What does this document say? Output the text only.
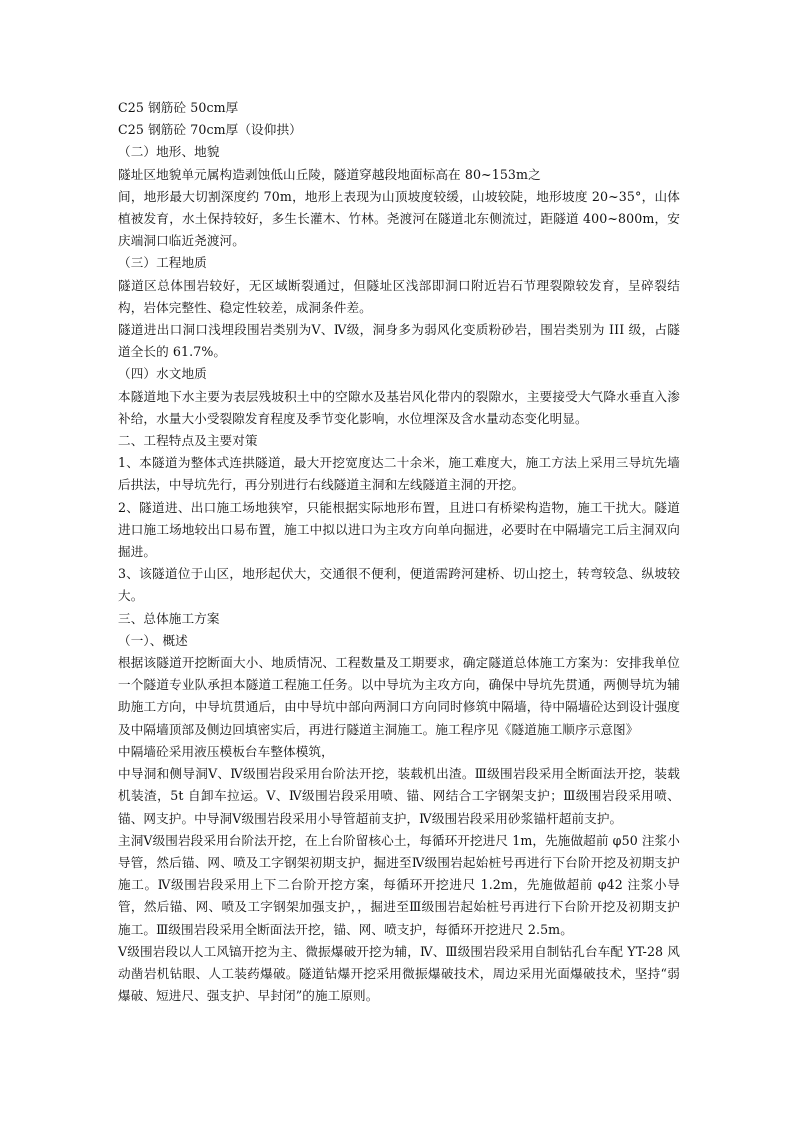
C25 钢筋砼 50cm厚

C25 钢筋砼 70cm厚（设仰拱）

（二）地形、地貌

隧址区地貌单元属构造剥蚀低山丘陵，隧道穿越段地面标高在 80~153m之

间，地形最大切割深度约 70m，地形上表现为山顶坡度较缓，山坡较陡，地形坡度 20~35°，山体植被发育，水土保持较好，多生长灌木、竹林。尧渡河在隧道北东侧流过，距隧道 400~800m，安庆端洞口临近尧渡河。

（三）工程地质

隧道区总体围岩较好，无区域断裂通过，但隧址区浅部即洞口附近岩石节理裂隙较发育，呈碎裂结构，岩体完整性、稳定性较差，成洞条件差。

隧道进出口洞口浅埋段围岩类别为Ⅴ、Ⅳ级，洞身多为弱风化变质粉砂岩，围岩类别为 III 级，占隧道全长的 61.7%。

（四）水文地质

本隧道地下水主要为表层残坡积土中的空隙水及基岩风化带内的裂隙水，主要接受大气降水垂直入渗补给，水量大小受裂隙发育程度及季节变化影响，水位埋深及含水量动态变化明显。

二、工程特点及主要对策

1、本隧道为整体式连拱隧道，最大开挖宽度达二十余米，施工难度大，施工方法上采用三导坑先墙后拱法，中导坑先行，再分别进行右线隧道主洞和左线隧道主洞的开挖。

2、隧道进、出口施工场地狭窄，只能根据实际地形布置，且进口有桥梁构造物，施工干扰大。隧道进口施工场地较出口易布置，施工中拟以进口为主攻方向单向掘进，必要时在中隔墙完工后主洞双向掘进。

3、该隧道位于山区，地形起伏大，交通很不便利，便道需跨河建桥、切山挖土，转弯较急、纵坡较大。

三、总体施工方案

（一）、概述

根据该隧道开挖断面大小、地质情况、工程数量及工期要求，确定隧道总体施工方案为：安排我单位一个隧道专业队承担本隧道工程施工任务。以中导坑为主攻方向，确保中导坑先贯通，两侧导坑为辅助施工方向，中导坑贯通后，由中导坑中部向两洞口方向同时修筑中隔墙，待中隔墙砼达到设计强度及中隔墙顶部及侧边回填密实后，再进行隧道主洞施工。施工程序见《隧道施工顺序示意图》

中隔墙砼采用液压模板台车整体模筑，

中导洞和侧导洞Ⅴ、Ⅳ级围岩段采用台阶法开挖，装载机出渣。Ⅲ级围岩段采用全断面法开挖，装载机装渣，5t 自卸车拉运。Ⅴ、Ⅳ级围岩段采用喷、锚、网结合工字钢架支护；Ⅲ级围岩段采用喷、锚、网支护。中导洞Ⅴ级围岩段采用小导管超前支护，Ⅳ级围岩段采用砂浆锚杆超前支护。

主洞Ⅴ级围岩段采用台阶法开挖，在上台阶留核心土，每循环开挖进尺 1m，先施做超前 φ50 注浆小导管，然后锚、网、喷及工字钢架初期支护，掘进至Ⅳ级围岩起始桩号再进行下台阶开挖及初期支护施工。Ⅳ级围岩段采用上下二台阶开挖方案，每循环开挖进尺 1.2m，先施做超前 φ42 注浆小导管，然后锚、网、喷及工字钢架加强支护，，掘进至Ⅲ级围岩起始桩号再进行下台阶开挖及初期支护施工。Ⅲ级围岩段采用全断面法开挖，锚、网、喷支护，每循环开挖进尺 2.5m。

Ⅴ级围岩段以人工风镐开挖为主、微振爆破开挖为辅，Ⅳ、Ⅲ级围岩段采用自制钻孔台车配 YT-28 风动凿岩机钻眼、人工装药爆破。隧道钻爆开挖采用微振爆破技术，周边采用光面爆破技术，坚持“弱爆破、短进尺、强支护、早封闭”的施工原则。
